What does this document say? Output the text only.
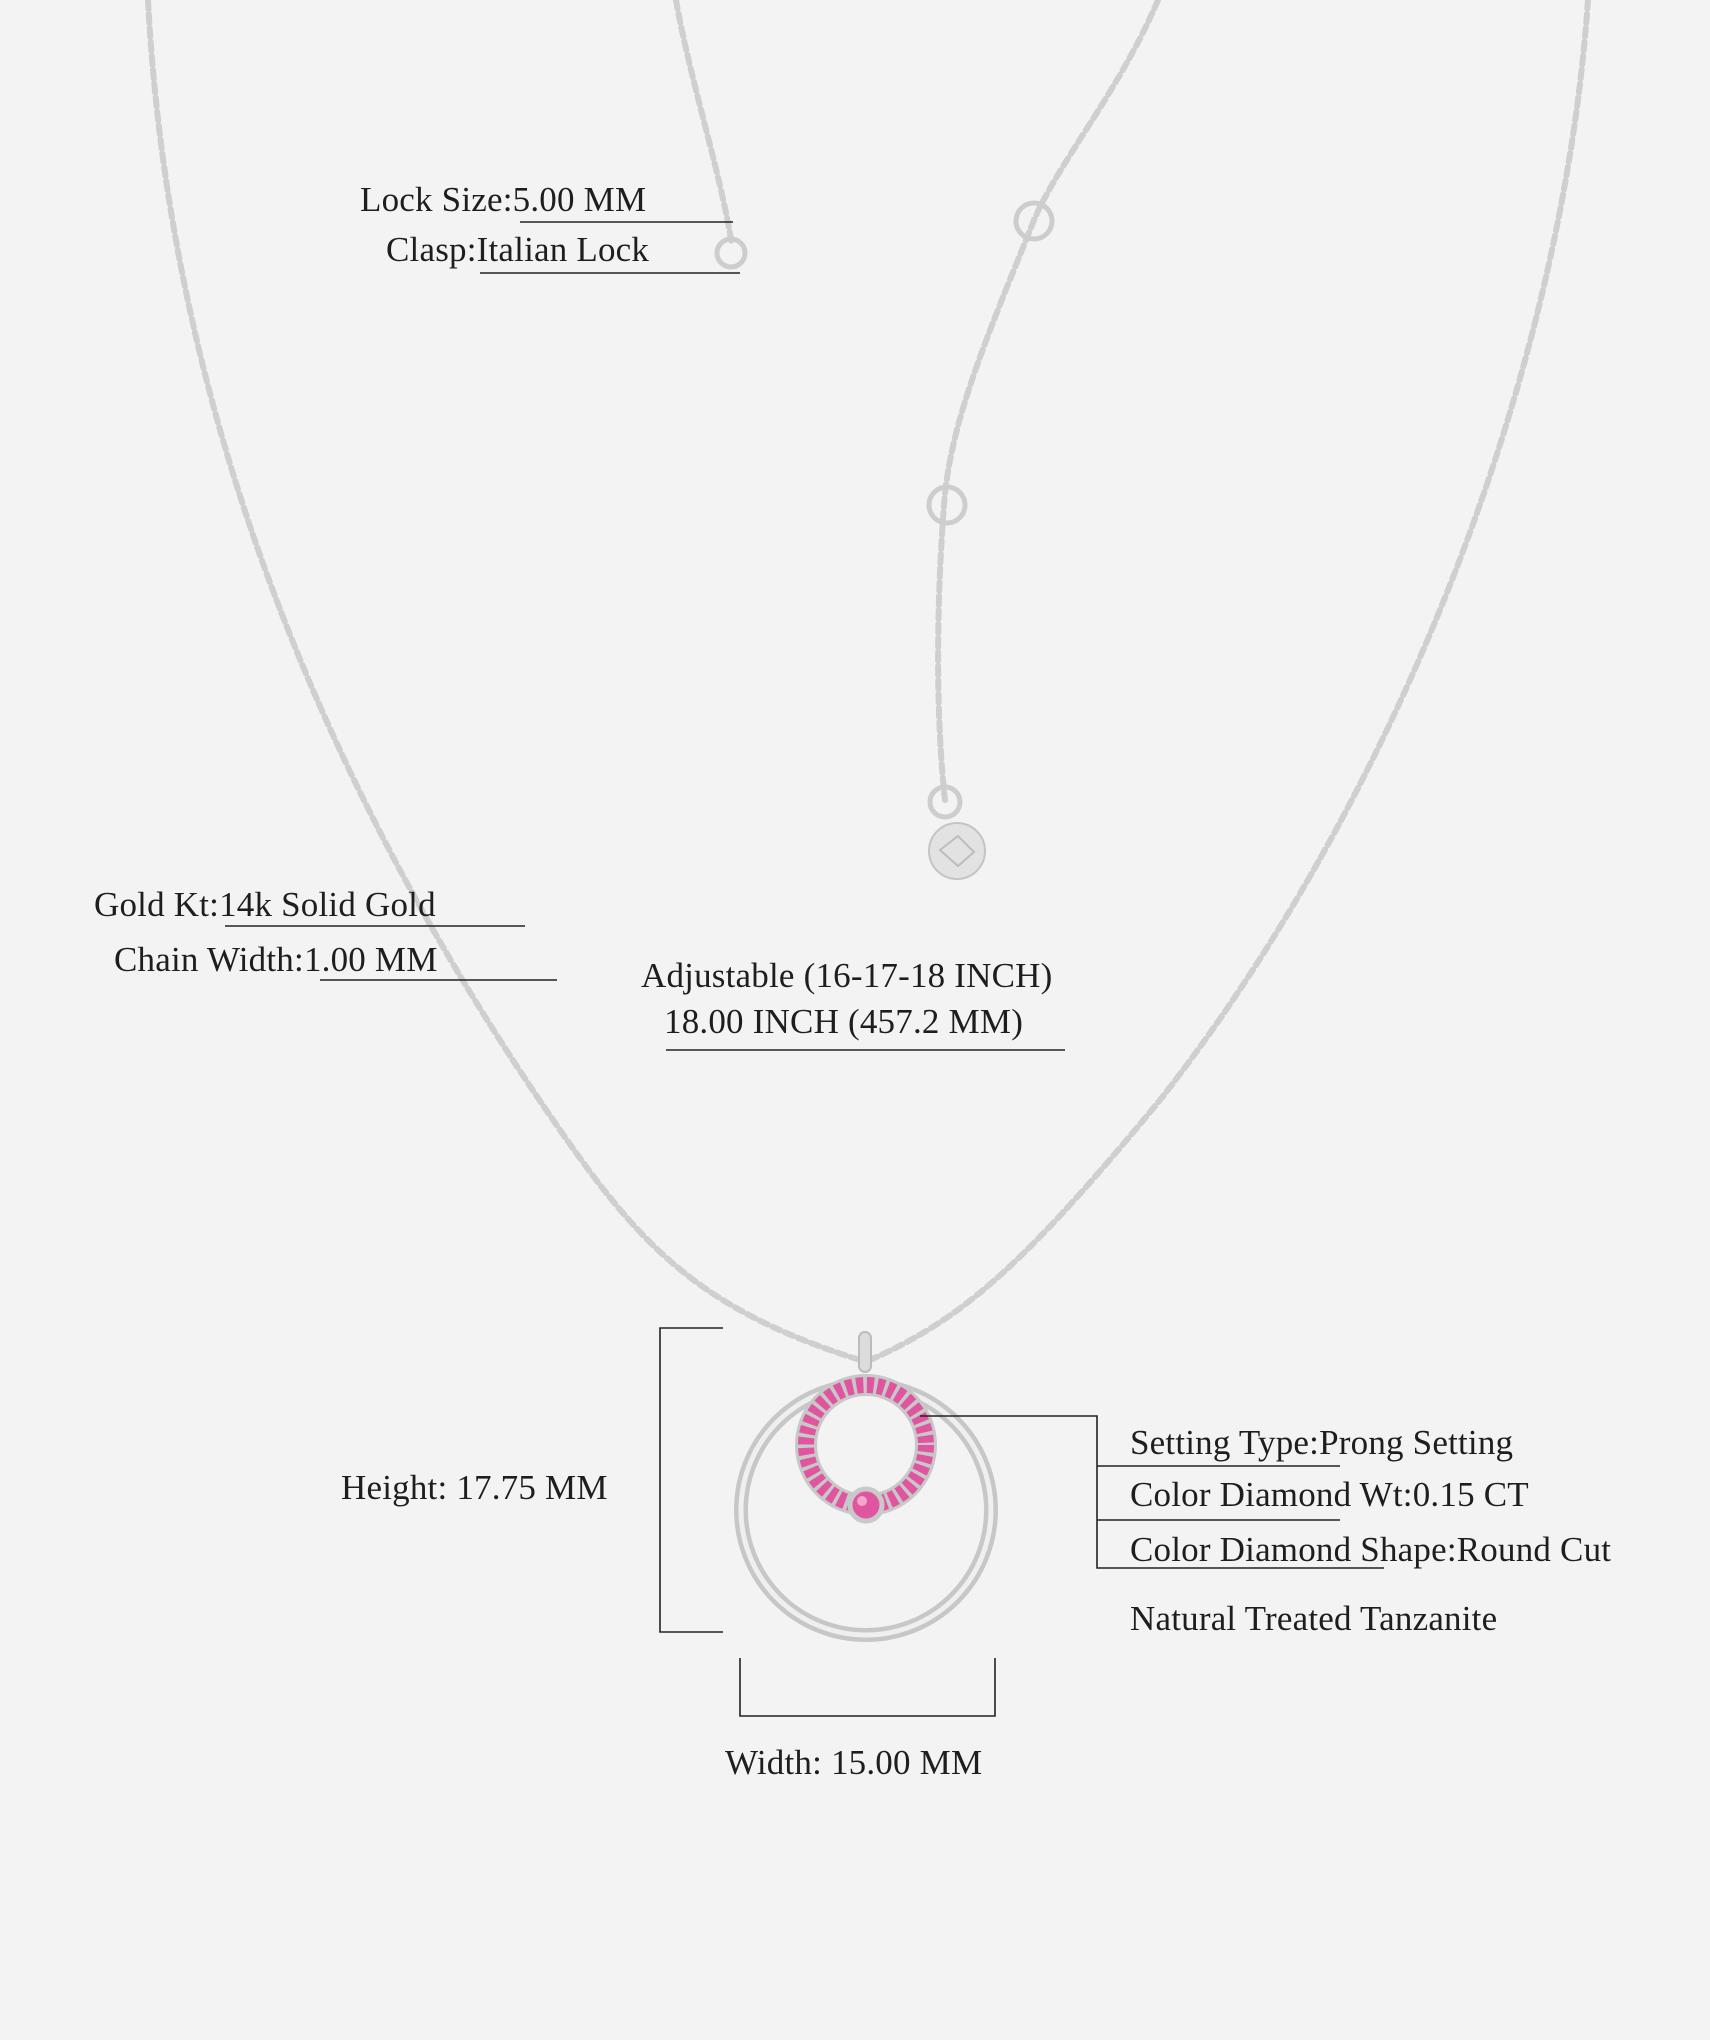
Lock Size:5.00 MM
Clasp:Italian Lock
Gold Kt:14k Solid Gold
Chain Width:1.00 MM	Adjustable (16-17-18 INCH)
18.00 INCH (457.2 MM)
Height: 17.75 MM
Width: 15.00 MM
Setting Type:Prong Setting
Color Diamond Wt:0.15 CT
Color Diamond Shape:Round Cut
Natural Treated Tanzanite
